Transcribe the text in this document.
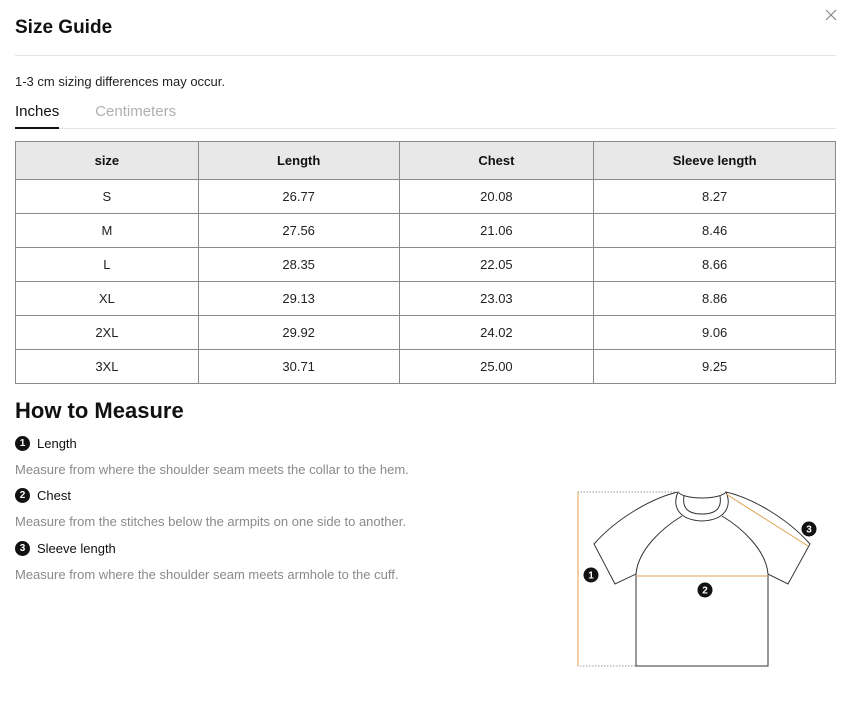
Size Guide
1-3 cm sizing differences may occur.
Inches Centimeters
size	Length	Chest	Sleeve length
S	26.77	20.08	8.27
M	27.56	21.06	8.46
L	28.35	22.05	8.66
XL	29.13	23.03	8.86
2XL	29.92	24.02	9.06
3XL	30.71	25.00	9.25
How to Measure
1 Length
Measure from where the shoulder seam meets the collar to the hem.
2 Chest
Measure from the stitches below the armpits on one side to another.
3 Sleeve length
Measure from where the shoulder seam meets armhole to the cuff.	1
2
3
